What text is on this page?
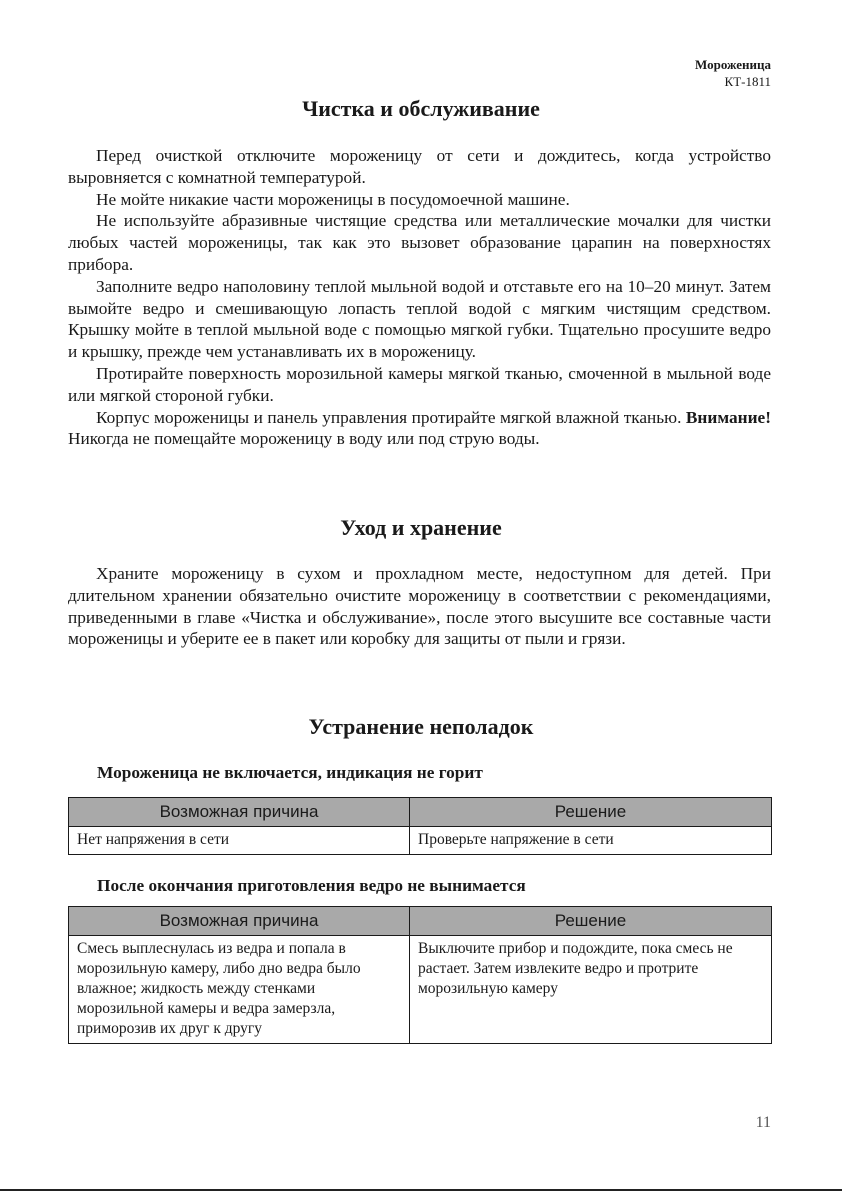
Мороженица
КТ-1811
Чистка и обслуживание

Перед очисткой отключите мороженицу от сети и дождитесь, когда устройство выровняется с комнатной температурой.

Не мойте никакие части мороженицы в посудомоечной машине.

Не используйте абразивные чистящие средства или металлические мочалки для чистки любых частей мороженицы, так как это вызовет образование царапин на поверхностях прибора.

Заполните ведро наполовину теплой мыльной водой и отставьте его на 10–20 минут. Затем вымойте ведро и смешивающую лопасть теплой водой с мягким чистящим средством. Крышку мойте в теплой мыльной воде с помощью мягкой губки. Тщательно просушите ведро и крышку, прежде чем устанавливать их в мороженицу.

Протирайте поверхность морозильной камеры мягкой тканью, смоченной в мыльной воде или мягкой стороной губки.

Корпус мороженицы и панель управления протирайте мягкой влажной тканью. Внимание! Никогда не помещайте мороженицу в воду или под струю воды.

Уход и хранение

Храните мороженицу в сухом и прохладном месте, недоступном для детей. При длительном хранении обязательно очистите мороженицу в соответствии с рекомендациями, приведенными в главе «Чистка и обслуживание», после этого высушите все составные части мороженицы и уберите ее в пакет или коробку для защиты от пыли и грязи.

Устранение неполадок
Мороженица не включается, индикация не горит
Возможная причина	Решение
Нет напряжения в сети	Проверьте напряжение в сети
После окончания приготовления ведро не вынимается
Возможная причина	Решение
Смесь выплеснулась из ведра и попала в морозильную камеру, либо дно ведра было влажное; жидкость между стенками морозильной камеры и ведра замерзла, приморозив их друг к другу	Выключите прибор и подождите, пока смесь не растает. Затем извлеките ведро и протрите морозильную камеру
11
